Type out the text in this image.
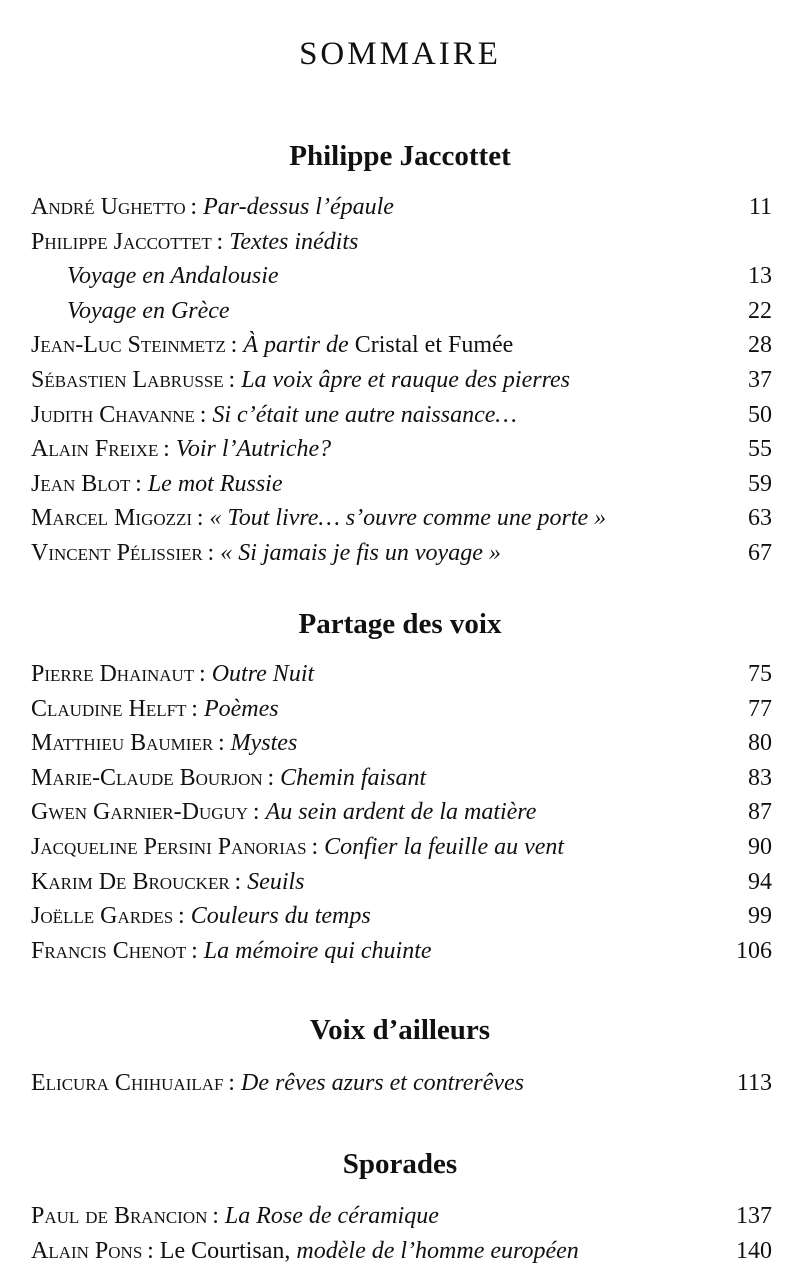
SOMMAIRE
Philippe Jaccottet
André Ughetto  : Par-dessus l’épaule	11
Philippe Jaccottet  : Textes inédits
Voyage en Andalousie	13
Voyage en Grèce	22
Jean-Luc Steinmetz  : À partir de Cristal et Fumée	28
Sébastien Labrusse  : La voix âpre et rauque des pierres	37
Judith Chavanne  : Si c’était une autre naissance…	50
Alain Freixe  : Voir l’Autriche?	55
Jean Blot  : Le mot Russie	59
Marcel Migozzi  : « Tout livre… s’ouvre comme une porte »	63
Vincent Pélissier  : « Si jamais je fis un voyage »	67
Partage des voix
Pierre Dhainaut  : Outre Nuit	75
Claudine Helft  : Poèmes	77
Matthieu Baumier  : Mystes	80
Marie-Claude Bourjon  : Chemin faisant	83
Gwen Garnier-Duguy  : Au sein ardent de la matière	87
Jacqueline Persini Panorias  : Confier la feuille au vent	90
Karim De Broucker  : Seuils	94
Joëlle Gardes  : Couleurs du temps	99
Francis Chenot  : La mémoire qui chuinte	106
Voix d’ailleurs
Elicura Chihuailaf  : De rêves azurs et contrerêves	113
Sporades
Paul de Brancion  : La Rose de céramique	137
Alain Pons  : Le Courtisan, modèle de l’homme européen	140
